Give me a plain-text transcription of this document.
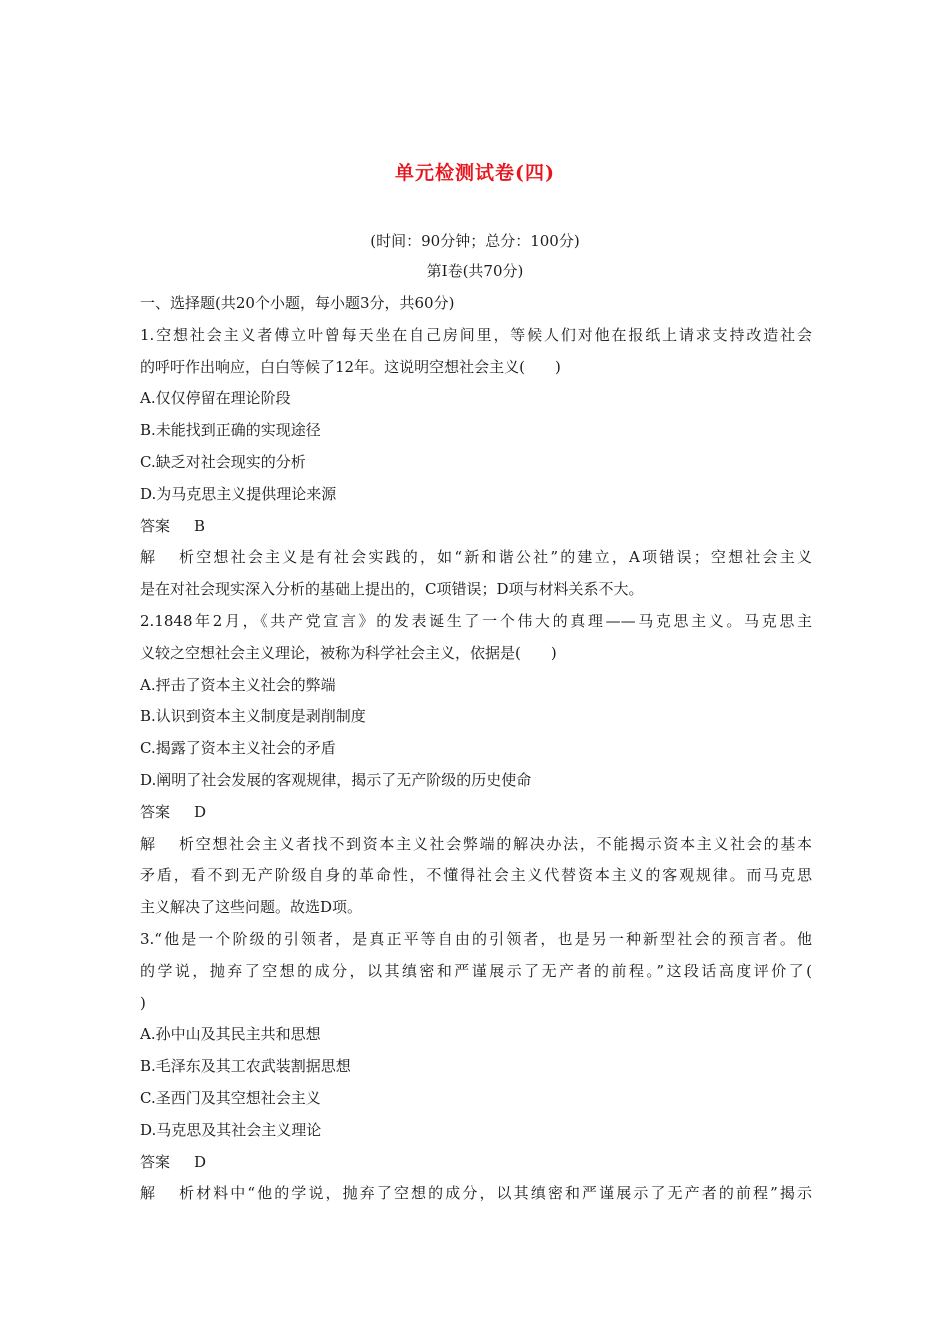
单元检测试卷(四)
(时间：90分钟；总分：100分)
第Ⅰ卷(共70分)
一、选择题(共20个小题，每小题3分，共60分)
1.空想社会主义者傅立叶曾每天坐在自己房间里，等候人们对他在报纸上请求支持改造社会
的呼吁作出响应，白白等候了12年。这说明空想社会主义(　　)
A.仅仅停留在理论阶段
B.未能找到正确的实现途径
C.缺乏对社会现实的分析
D.为马克思主义提供理论来源
答案 B
解析空想社会主义是有社会实践的，如“新和谐公社”的建立，A项错误；空想社会主义
是在对社会现实深入分析的基础上提出的，C项错误；D项与材料关系不大。
2.1848年2月，《共产党宣言》的发表诞生了一个伟大的真理——马克思主义。马克思主
义较之空想社会主义理论，被称为科学社会主义，依据是(　　)
A.抨击了资本主义社会的弊端
B.认识到资本主义制度是剥削制度
C.揭露了资本主义社会的矛盾
D.阐明了社会发展的客观规律，揭示了无产阶级的历史使命
答案 D
解析空想社会主义者找不到资本主义社会弊端的解决办法，不能揭示资本主义社会的基本
矛盾，看不到无产阶级自身的革命性，不懂得社会主义代替资本主义的客观规律。而马克思
主义解决了这些问题。故选D项。
3.“他是一个阶级的引领者，是真正平等自由的引领者，也是另一种新型社会的预言者。他
的学说，抛弃了空想的成分，以其缜密和严谨展示了无产者的前程。”这段话高度评价了(
)
A.孙中山及其民主共和思想
B.毛泽东及其工农武装割据思想
C.圣西门及其空想社会主义
D.马克思及其社会主义理论
答案 D
解析材料中“他的学说，抛弃了空想的成分，以其缜密和严谨展示了无产者的前程”揭示
